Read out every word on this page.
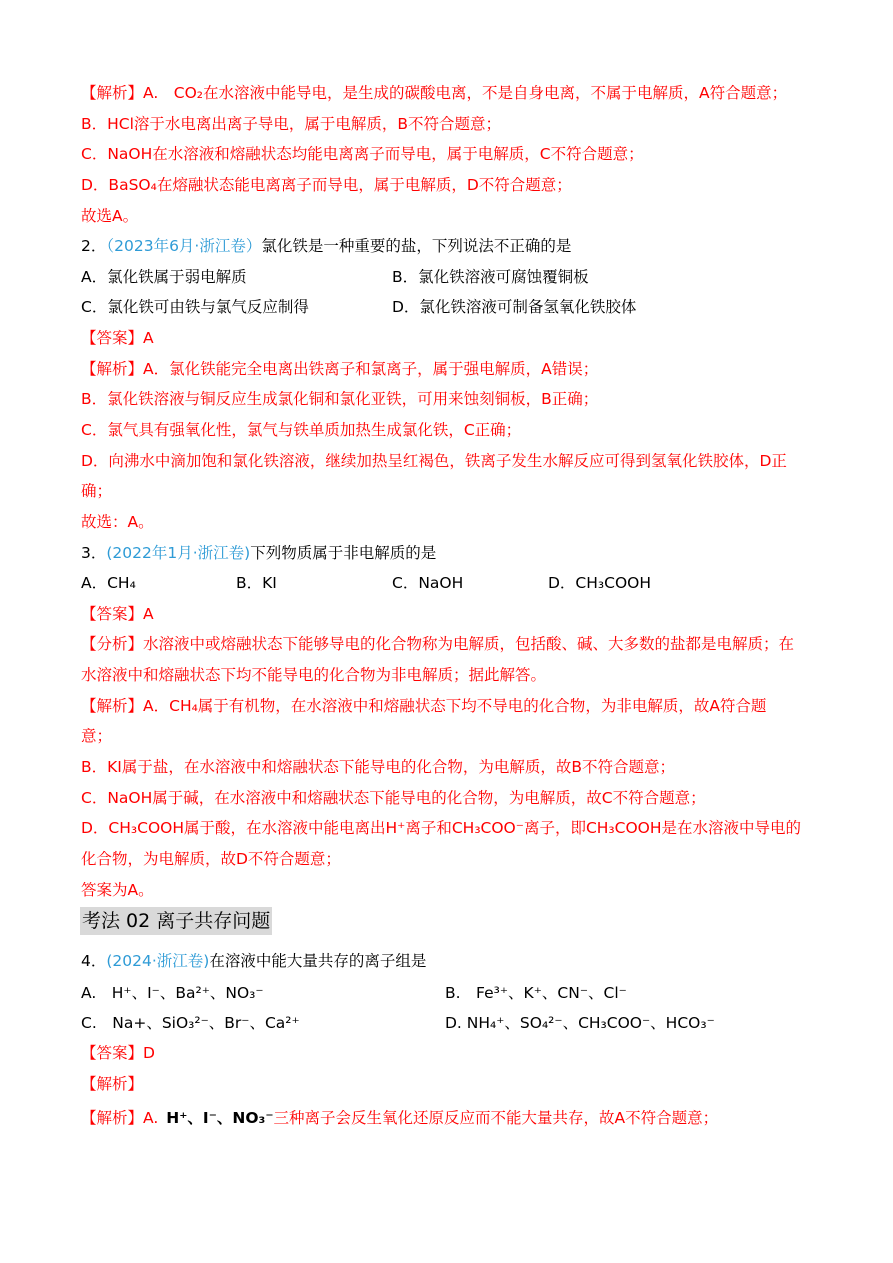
【解析】A.　CO₂在水溶液中能导电，是生成的碳酸电离，不是自身电离，不属于电解质，A符合题意；
B．HCl溶于水电离出离子导电，属于电解质，B不符合题意；
C．NaOH在水溶液和熔融状态均能电离离子而导电，属于电解质，C不符合题意；
D．BaSO₄在熔融状态能电离离子而导电，属于电解质，D不符合题意；
故选A。
2．（2023年6月·浙江卷）氯化铁是一种重要的盐，下列说法不正确的是
A．氯化铁属于弱电解质	B．氯化铁溶液可腐蚀覆铜板
C．氯化铁可由铁与氯气反应制得	D．氯化铁溶液可制备氢氧化铁胶体
【答案】A
【解析】A．氯化铁能完全电离出铁离子和氯离子，属于强电解质，A错误；
B．氯化铁溶液与铜反应生成氯化铜和氯化亚铁，可用来蚀刻铜板，B正确；
C．氯气具有强氧化性，氯气与铁单质加热生成氯化铁，C正确；
D．向沸水中滴加饱和氯化铁溶液，继续加热呈红褐色，铁离子发生水解反应可得到氢氧化铁胶体，D正
确；
故选：A。
3．(2022年1月·浙江卷)下列物质属于非电解质的是
A．CH₄	B．KI	C．NaOH	D．CH₃COOH
【答案】A
【分析】水溶液中或熔融状态下能够导电的化合物称为电解质，包括酸、碱、大多数的盐都是电解质；在
水溶液中和熔融状态下均不能导电的化合物为非电解质；据此解答。
【解析】A．CH₄属于有机物，在水溶液中和熔融状态下均不导电的化合物，为非电解质，故A符合题
意；
B．KI属于盐，在水溶液中和熔融状态下能导电的化合物，为电解质，故B不符合题意；
C．NaOH属于碱，在水溶液中和熔融状态下能导电的化合物，为电解质，故C不符合题意；
D．CH₃COOH属于酸，在水溶液中能电离出H⁺离子和CH₃COO⁻离子，即CH₃COOH是在水溶液中导电的
化合物，为电解质，故D不符合题意；
答案为A。
考法 02 离子共存问题
4．(2024·浙江卷)在溶液中能大量共存的离子组是
A.　H⁺、I⁻、Ba²⁺、NO₃⁻	B.　Fe³⁺、K⁺、CN⁻、Cl⁻
C.　Na+、SiO₃²⁻、Br⁻、Ca²⁺	D. NH₄⁺、SO₄²⁻、CH₃COO⁻、HCO₃⁻
【答案】D
【解析】
【解析】A. H⁺、I⁻、NO₃⁻三种离子会反生氧化还原反应而不能大量共存，故A不符合题意；
